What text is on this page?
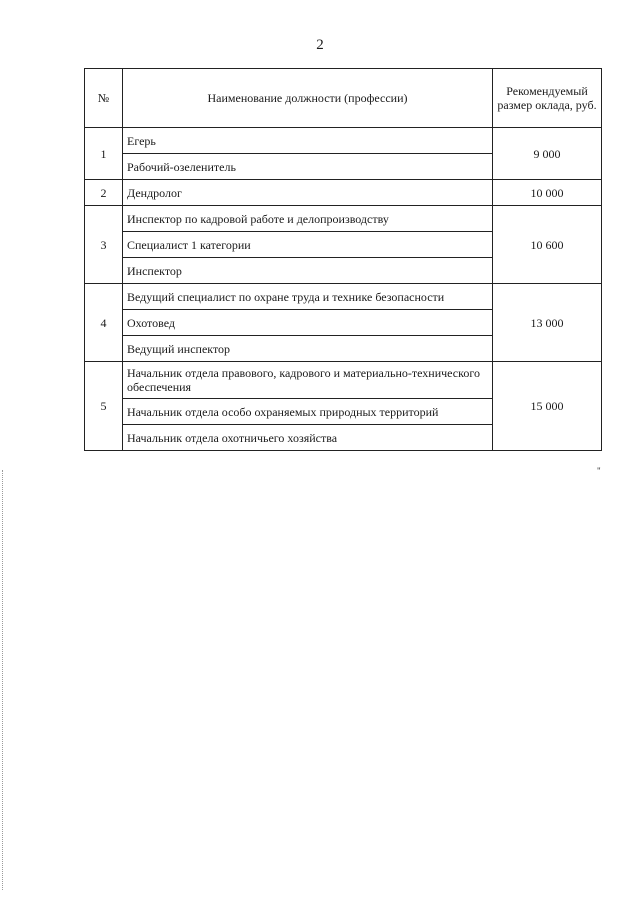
2
№	Наименование должности (профессии)	Рекомендуемый размер оклада, руб.
1	Егерь	9 000
	Рабочий-озеленитель	
2	Дендролог	10 000
3	Инспектор по кадровой работе и делопроизводству	10 600
	Специалист 1 категории	
	Инспектор	
4	Ведущий специалист по охране труда и технике безопасности	13 000
	Охотовед	
	Ведущий инспектор	
5	Начальник отдела правового, кадрового и материально-технического обеспечения	15 000
	Начальник отдела особо охраняемых природных территорий	
	Начальник отдела охотничьего хозяйства	
"
